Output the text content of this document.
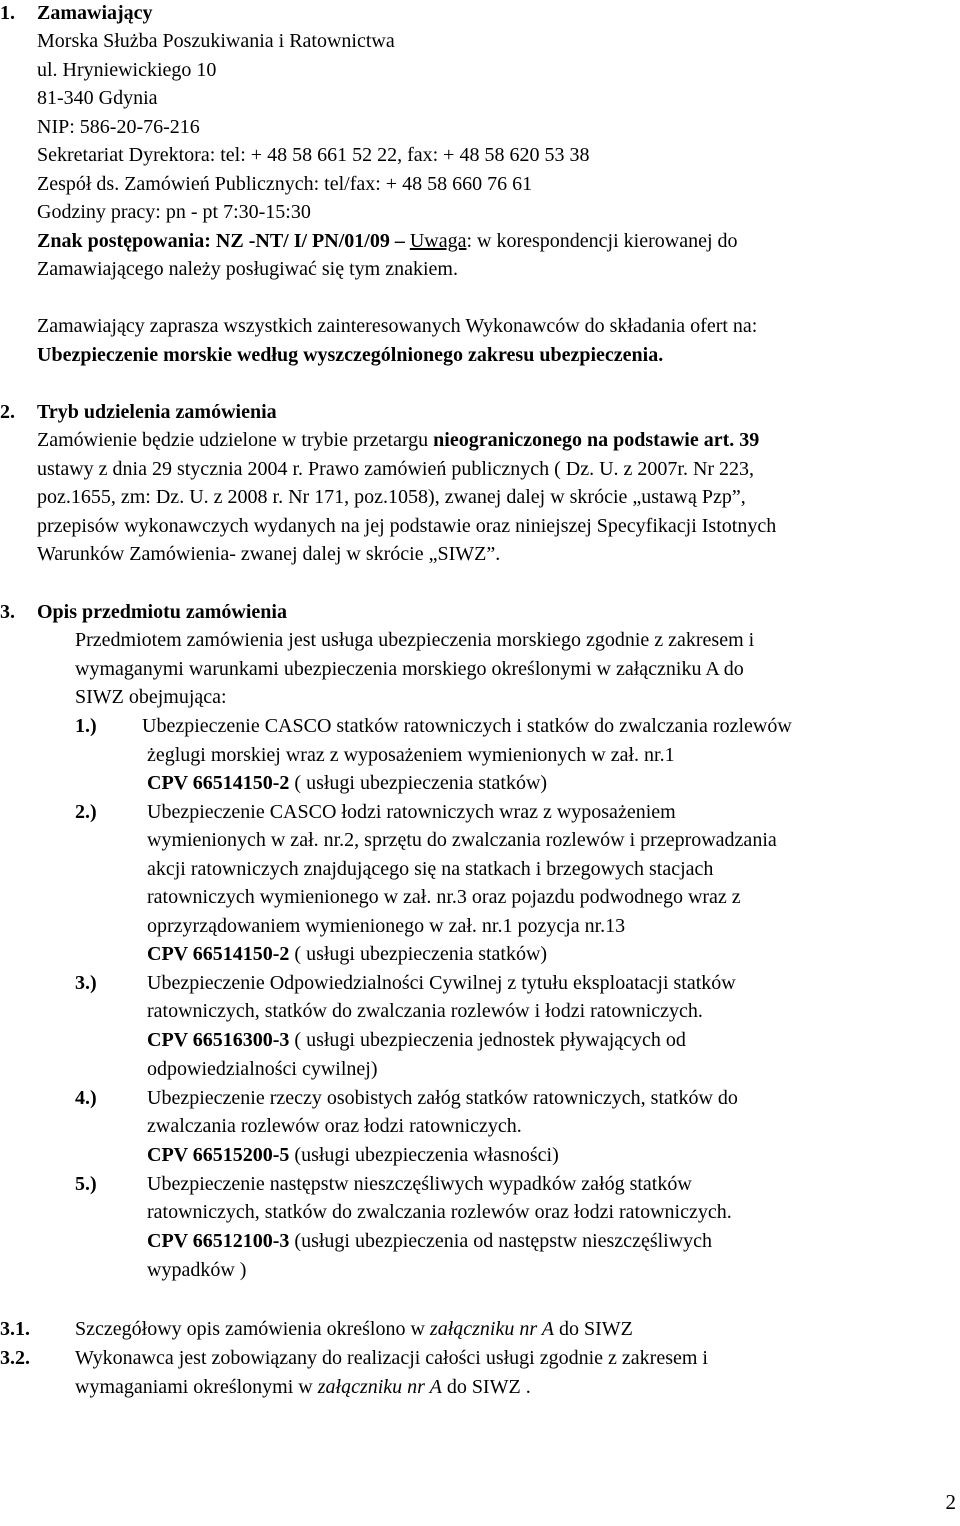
1. Zamawiający
Morska Służba Poszukiwania i Ratownictwa
ul. Hryniewickiego 10
81-340 Gdynia
NIP: 586-20-76-216
Sekretariat Dyrektora: tel: + 48 58 661 52 22, fax: + 48 58 620 53 38
Zespół ds. Zamówień Publicznych: tel/fax: + 48 58 660 76 61
Godziny pracy: pn - pt 7:30-15:30
Znak postępowania: NZ -NT/ I/ PN/01/09 – Uwaga: w korespondencji kierowanej do
Zamawiającego należy posługiwać się tym znakiem.
Zamawiający zaprasza wszystkich zainteresowanych Wykonawców do składania ofert na:
Ubezpieczenie morskie według wyszczególnionego zakresu ubezpieczenia.
2. Tryb udzielenia zamówienia
Zamówienie będzie udzielone w trybie przetargu nieograniczonego na podstawie art. 39
ustawy z dnia 29 stycznia 2004 r. Prawo zamówień publicznych ( Dz. U. z 2007r. Nr 223,
poz.1655, zm: Dz. U. z 2008 r. Nr 171, poz.1058), zwanej dalej w skrócie „ustawą Pzp”,
przepisów wykonawczych wydanych na jej podstawie oraz niniejszej Specyfikacji Istotnych
Warunków Zamówienia- zwanej dalej w skrócie „SIWZ”.
3. Opis przedmiotu zamówienia
Przedmiotem zamówienia jest usługa ubezpieczenia morskiego zgodnie z zakresem i
wymaganymi warunkami ubezpieczenia morskiego określonymi w załączniku A do
SIWZ obejmująca:
1.) Ubezpieczenie CASCO statków ratowniczych i statków do zwalczania rozlewów
żeglugi morskiej wraz z wyposażeniem wymienionych w zał. nr.1
CPV 66514150-2 ( usługi ubezpieczenia statków)
2.)	Ubezpieczenie CASCO łodzi ratowniczych wraz z wyposażeniem
wymienionych w zał. nr.2, sprzętu do zwalczania rozlewów i przeprowadzania
akcji ratowniczych znajdującego się na statkach i brzegowych stacjach
ratowniczych wymienionego w zał. nr.3 oraz pojazdu podwodnego wraz z
oprzyrządowaniem wymienionego w zał. nr.1 pozycja nr.13
CPV 66514150-2 ( usługi ubezpieczenia statków)
3.)	Ubezpieczenie Odpowiedzialności Cywilnej z tytułu eksploatacji statków
ratowniczych, statków do zwalczania rozlewów i łodzi ratowniczych.
CPV 66516300-3 ( usługi ubezpieczenia jednostek pływających od
odpowiedzialności cywilnej)
4.)	Ubezpieczenie rzeczy osobistych załóg statków ratowniczych, statków do
zwalczania rozlewów oraz łodzi ratowniczych.
CPV 66515200-5 (usługi ubezpieczenia własności)
5.)	Ubezpieczenie następstw nieszczęśliwych wypadków załóg statków
ratowniczych, statków do zwalczania rozlewów oraz łodzi ratowniczych.
CPV 66512100-3 (usługi ubezpieczenia od następstw nieszczęśliwych
wypadków )
3.1. Szczegółowy opis zamówienia określono w załączniku nr A do SIWZ
3.2. Wykonawca jest zobowiązany do realizacji całości usługi zgodnie z zakresem i
wymaganiami określonymi w załączniku nr A do SIWZ .
2
